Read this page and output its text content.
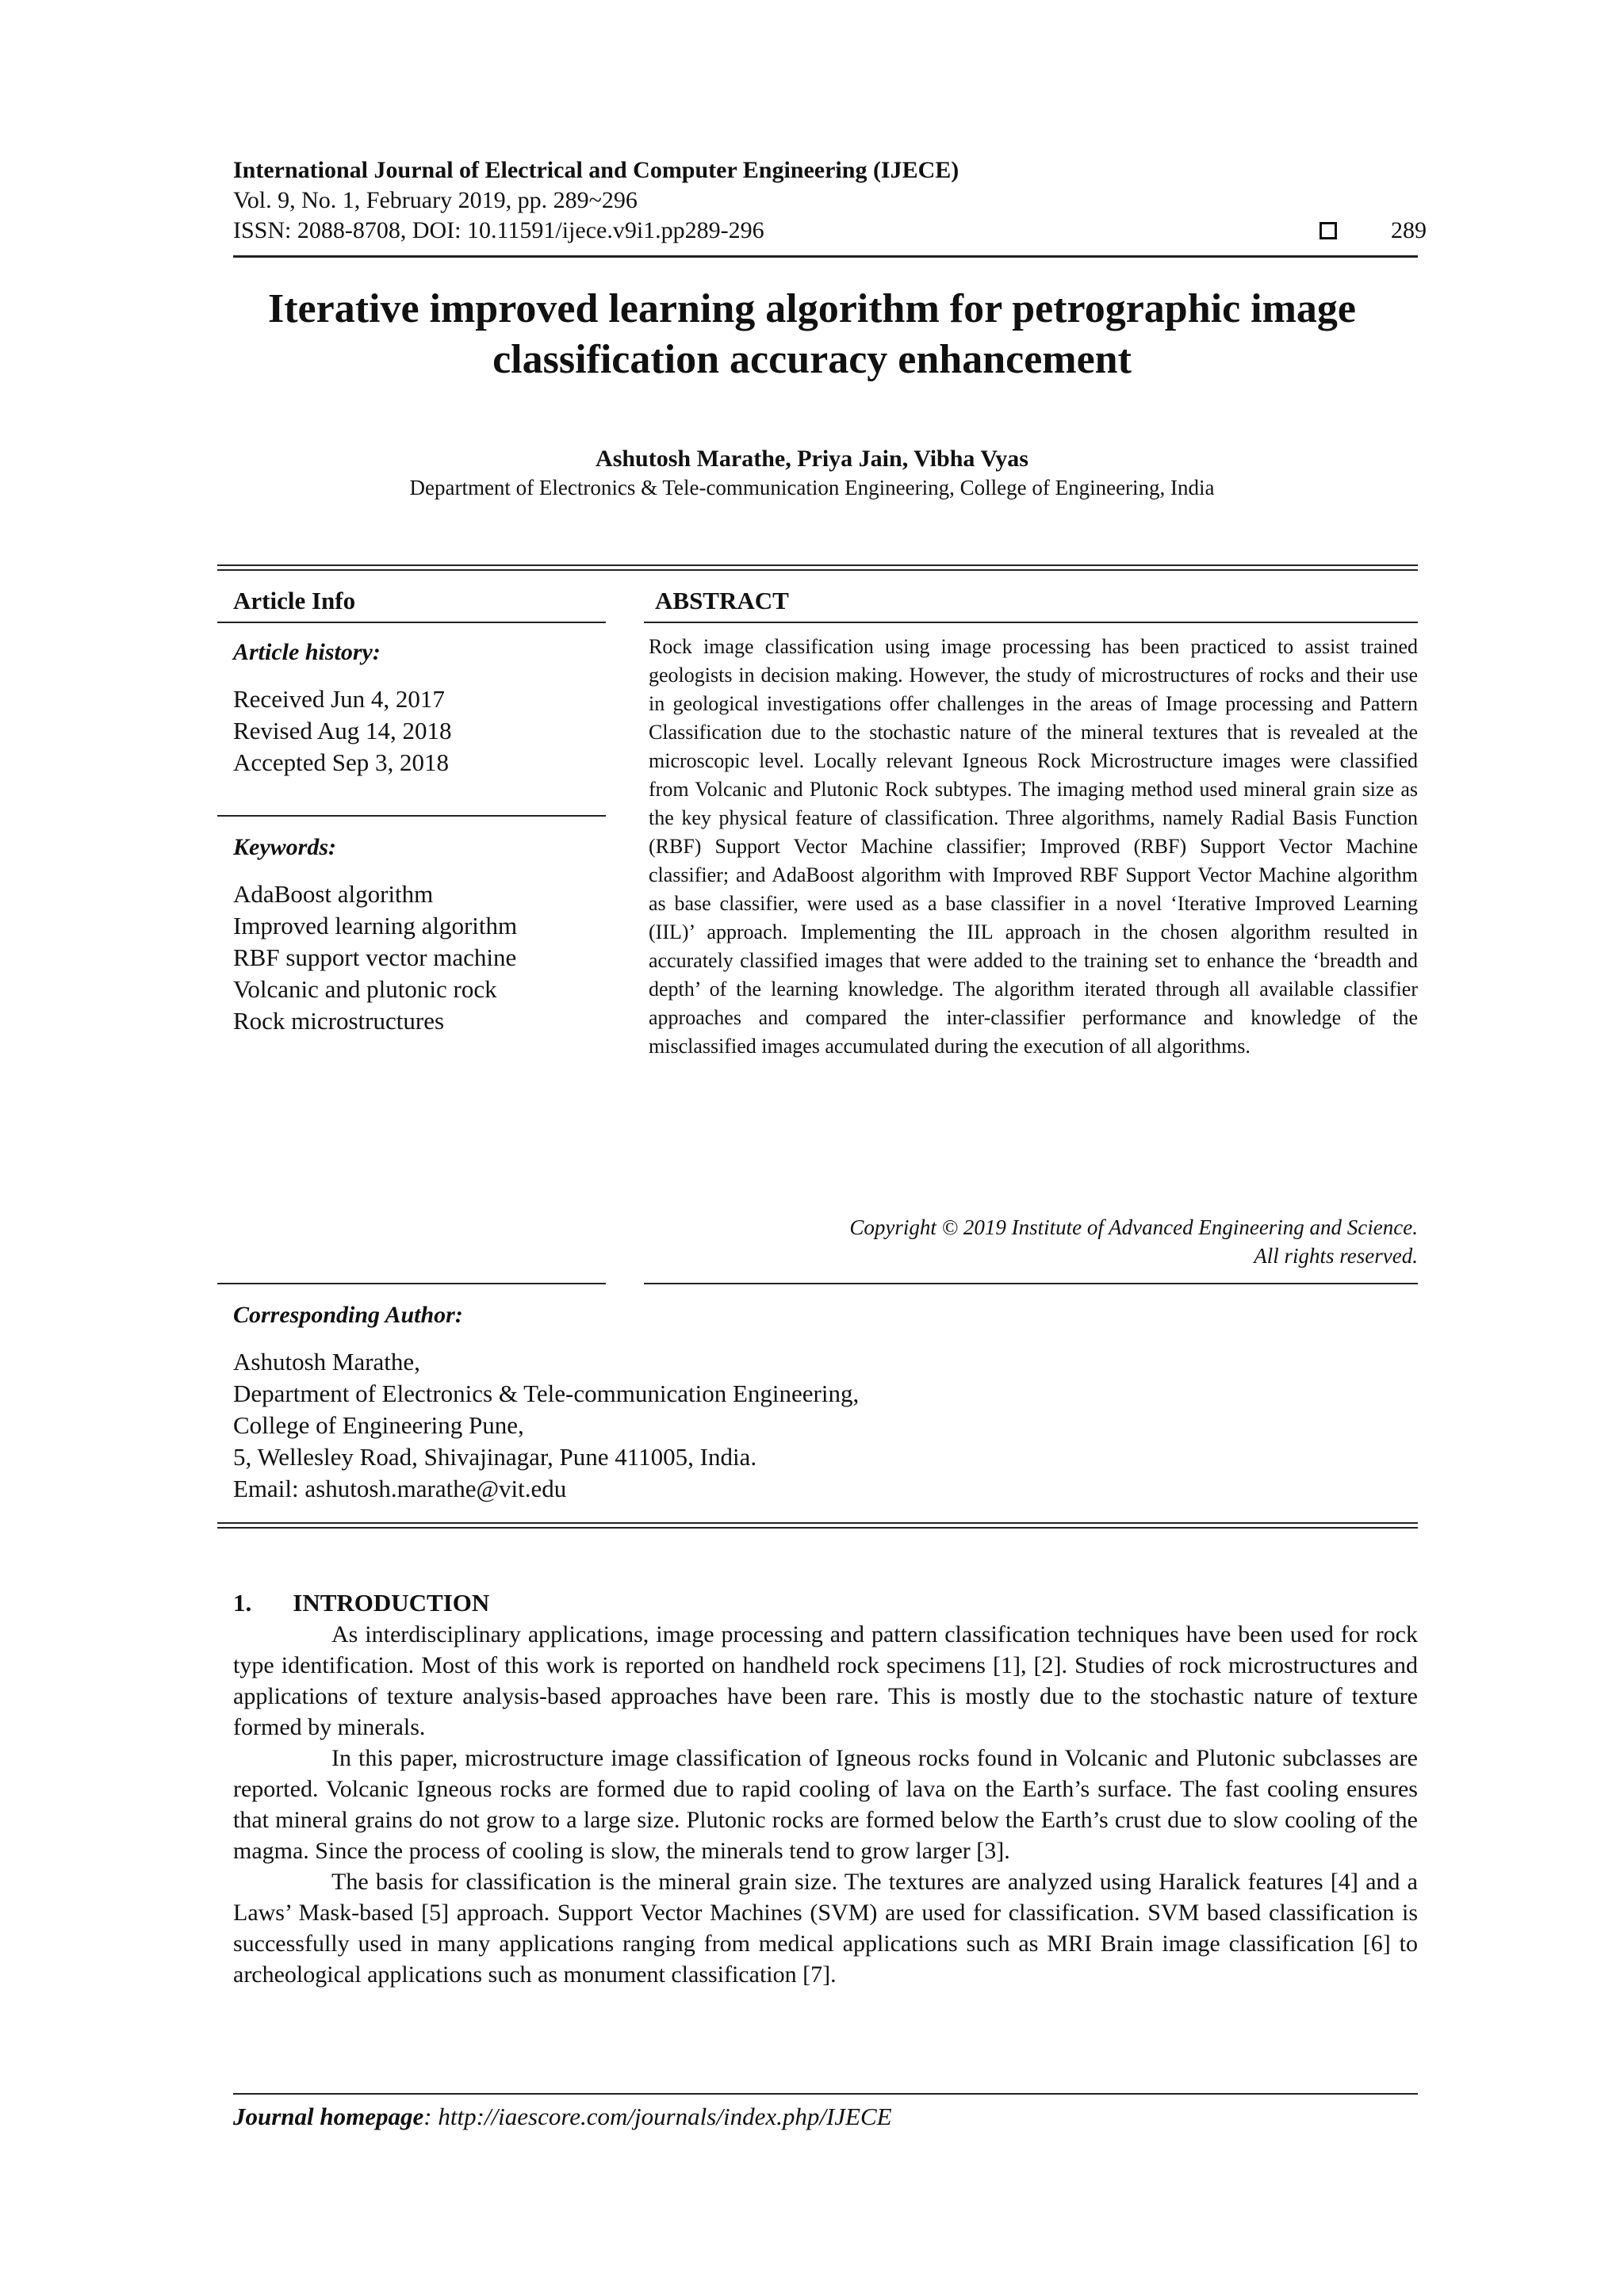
International Journal of Electrical and Computer Engineering (IJECE)
Vol. 9, No. 1, February 2019, pp. 289~296
ISSN: 2088-8708, DOI: 10.11591/ijece.v9i1.pp289-296	289
Iterative improved learning algorithm for petrographic image
classification accuracy enhancement
Ashutosh Marathe, Priya Jain, Vibha Vyas
Department of Electronics & Tele-communication Engineering, College of Engineering, India
Article Info
Article history:
Received Jun 4, 2017
Revised Aug 14, 2018
Accepted Sep 3, 2018
Keywords:
AdaBoost algorithm
Improved learning algorithm
RBF support vector machine
Volcanic and plutonic rock
Rock microstructures
ABSTRACT
Rock image classification using image processing has been practiced to assist trained geologists in decision making. However, the study of microstructures of rocks and their use in geological investigations offer challenges in the areas of Image processing and Pattern Classification due to the stochastic nature of the mineral textures that is revealed at the microscopic level. Locally relevant Igneous Rock Microstructure images were classified from Volcanic and Plutonic Rock subtypes. The imaging method used mineral grain size as the key physical feature of classification. Three algorithms, namely Radial Basis Function (RBF) Support Vector Machine classifier; Improved (RBF) Support Vector Machine classifier; and AdaBoost algorithm with Improved RBF Support Vector Machine algorithm as base classifier, were used as a base classifier in a novel ‘Iterative Improved Learning (IIL)’ approach. Implementing the IIL approach in the chosen algorithm resulted in accurately classified images that were added to the training set to enhance the ‘breadth and depth’ of the learning knowledge. The algorithm iterated through all available classifier approaches and compared the inter-classifier performance and knowledge of the misclassified images accumulated during the execution of all algorithms.
Copyright © 2019 Institute of Advanced Engineering and Science.
All rights reserved.
Corresponding Author:
Ashutosh Marathe,
Department of Electronics & Tele-communication Engineering,
College of Engineering Pune,
5, Wellesley Road, Shivajinagar, Pune 411005, India.
Email: ashutosh.marathe@vit.edu
1. INTRODUCTION

As interdisciplinary applications, image processing and pattern classification techniques have been used for rock type identification. Most of this work is reported on handheld rock specimens [1], [2]. Studies of rock microstructures and applications of texture analysis-based approaches have been rare. This is mostly due to the stochastic nature of texture formed by minerals.

In this paper, microstructure image classification of Igneous rocks found in Volcanic and Plutonic subclasses are reported. Volcanic Igneous rocks are formed due to rapid cooling of lava on the Earth’s surface. The fast cooling ensures that mineral grains do not grow to a large size. Plutonic rocks are formed below the Earth’s crust due to slow cooling of the magma. Since the process of cooling is slow, the minerals tend to grow larger [3].

The basis for classification is the mineral grain size. The textures are analyzed using Haralick features [4] and a Laws’ Mask-based [5] approach. Support Vector Machines (SVM) are used for classification. SVM based classification is successfully used in many applications ranging from medical applications such as MRI Brain image classification [6] to archeological applications such as monument classification [7].

Journal homepage: http://iaescore.com/journals/index.php/IJECE
